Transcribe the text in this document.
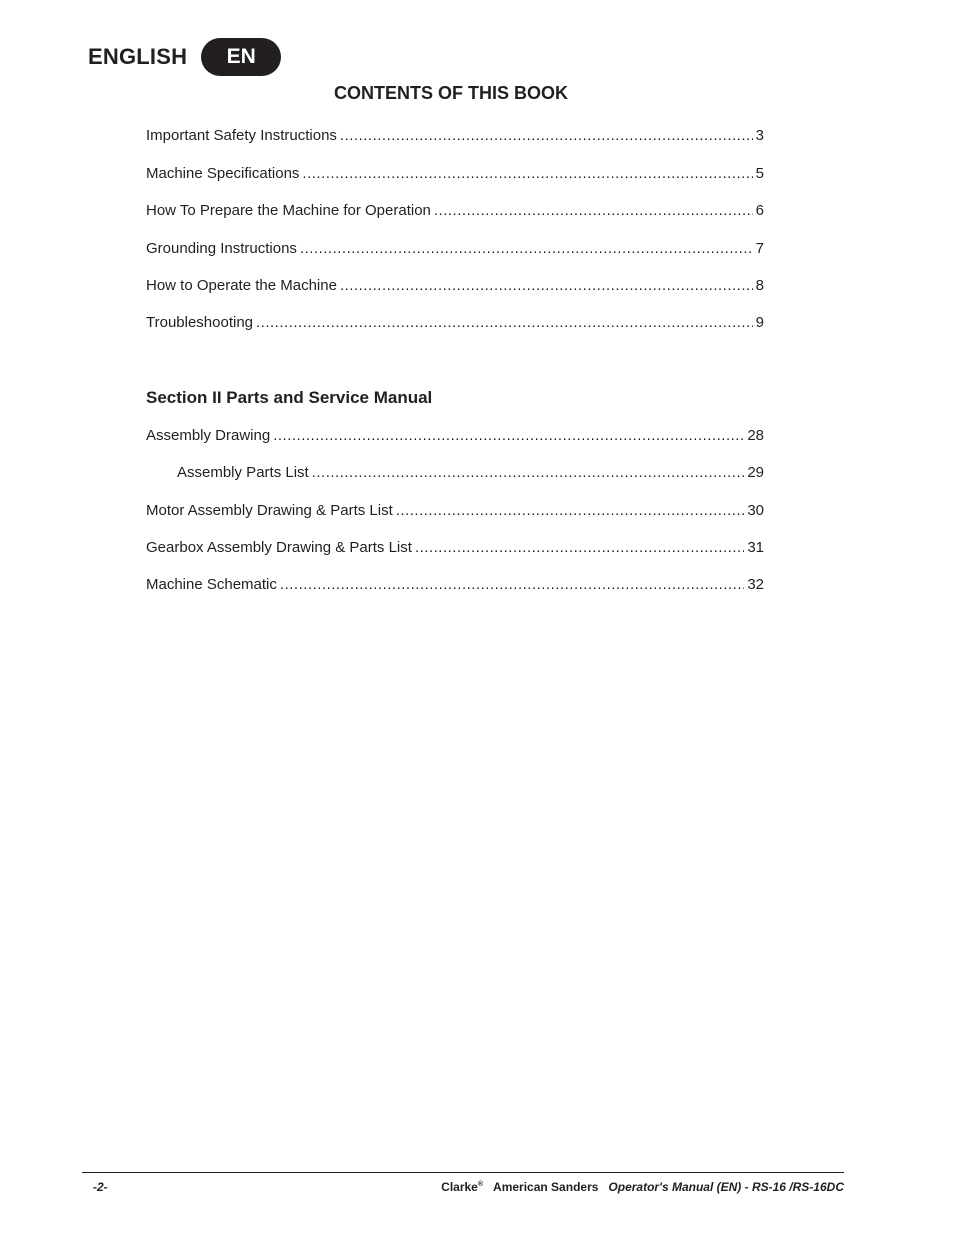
ENGLISH	EN
CONTENTS OF THIS BOOK
Important Safety Instructions .....	3
Machine Specifications .....	5
How To Prepare the Machine for Operation .....	6
Grounding Instructions .....	7
How to Operate the Machine .....	8
Troubleshooting .....	9
Section II Parts and Service Manual
Assembly Drawing .....	28
Assembly Parts List .....	29
Motor Assembly Drawing & Parts List .....	30
Gearbox Assembly Drawing & Parts List .....	31
Machine Schematic .....	32
-2-	Clarke® American Sanders Operator's Manual (EN) - RS-16 /RS-16DC
